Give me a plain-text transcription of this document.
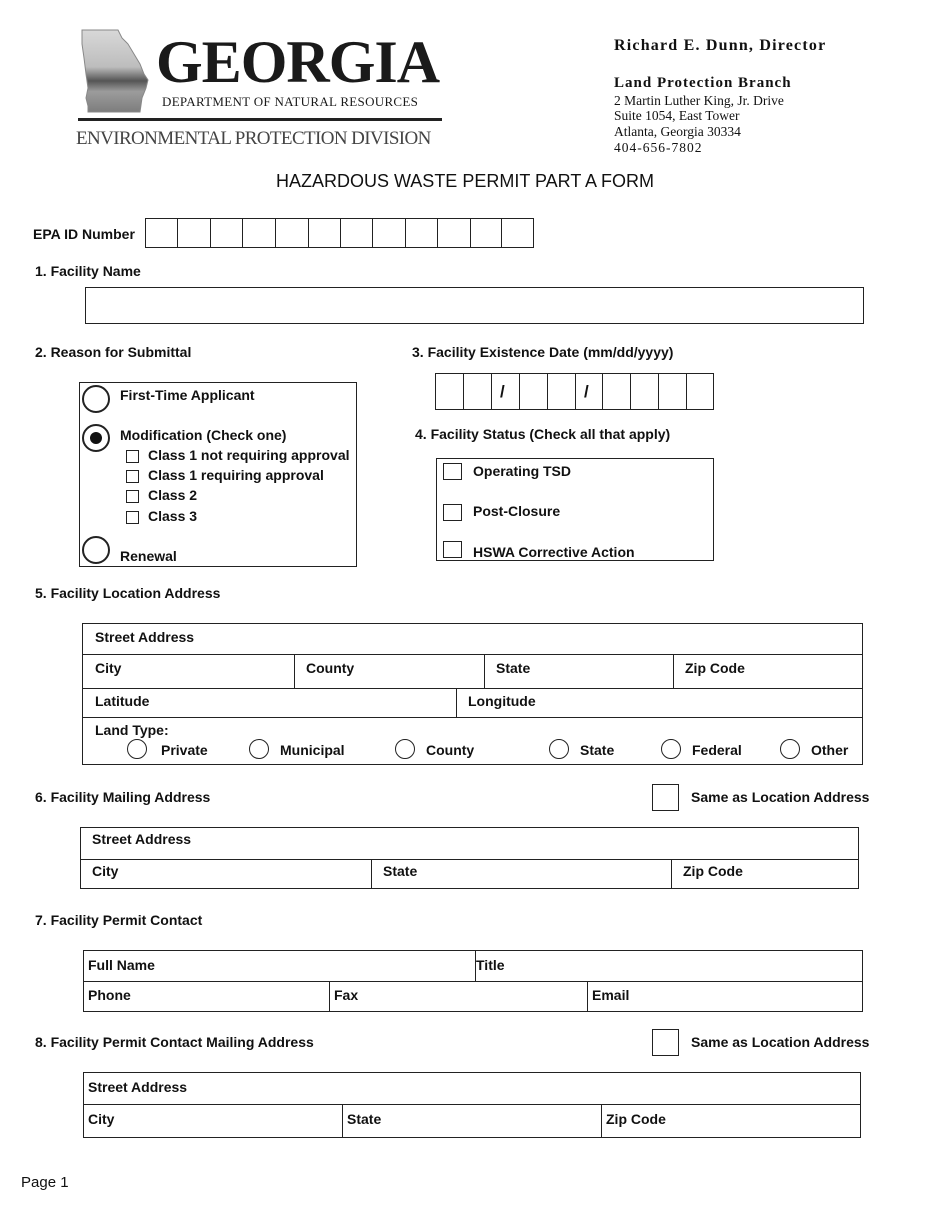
GEORGIA
DEPARTMENT OF NATURAL RESOURCES
ENVIRONMENTAL PROTECTION DIVISION
Richard E. Dunn, Director
Land Protection Branch
2 Martin Luther King, Jr. Drive
Suite 1054, East Tower
Atlanta, Georgia 30334
404-656-7802
HAZARDOUS WASTE PERMIT PART A FORM
EPA ID Number
1. Facility Name
2. Reason for Submittal
First-Time Applicant
Modification (Check one)
Class 1 not requiring approval
Class 1 requiring approval
Class 2
Class 3
Renewal
3. Facility Existence Date (mm/dd/yyyy)
/	/
4. Facility Status (Check all that apply)
Operating TSD
Post-Closure
HSWA Corrective Action
5. Facility Location Address
Street Address
City	County	State	Zip Code
Latitude	Longitude
Land Type:
Private	Municipal	County	State	Federal	Other
6. Facility Mailing Address	Same as Location Address
Street Address
City	State	Zip Code
7. Facility Permit Contact
Full Name	Title
Phone	Fax	Email
8. Facility Permit Contact Mailing Address	Same as Location Address
Street Address
City	State	Zip Code
Page 1
